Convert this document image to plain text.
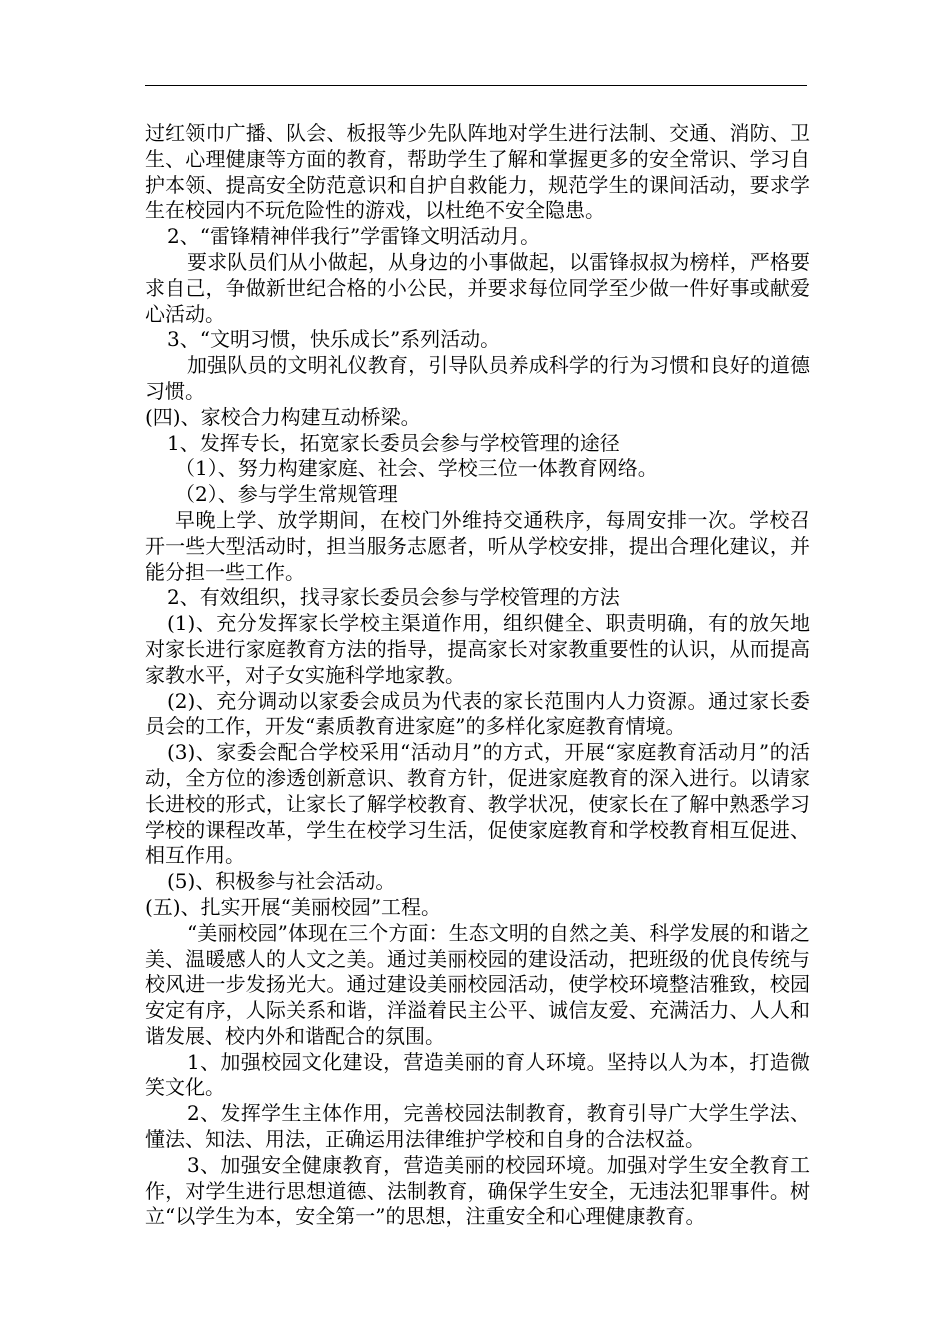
过红领巾广播、队会、板报等少先队阵地对学生进行法制、交通、消防、卫生、心理健康等方面的教育，帮助学生了解和掌握更多的安全常识、学习自护本领、提高安全防范意识和自护自救能力，规范学生的课间活动，要求学生在校园内不玩危险性的游戏，以杜绝不安全隐患。

2、“雷锋精神伴我行”学雷锋文明活动月。

要求队员们从小做起，从身边的小事做起，以雷锋叔叔为榜样，严格要求自己，争做新世纪合格的小公民，并要求每位同学至少做一件好事或献爱心活动。

3、“文明习惯，快乐成长”系列活动。

加强队员的文明礼仪教育，引导队员养成科学的行为习惯和良好的道德习惯。

(四)、家校合力构建互动桥梁。

1、发挥专长，拓宽家长委员会参与学校管理的途径

（1）、努力构建家庭、社会、学校三位一体教育网络。

（2）、参与学生常规管理

早晚上学、放学期间，在校门外维持交通秩序，每周安排一次。学校召开一些大型活动时，担当服务志愿者，听从学校安排，提出合理化建议，并能分担一些工作。

2、有效组织，找寻家长委员会参与学校管理的方法

(1)、充分发挥家长学校主渠道作用，组织健全、职责明确，有的放矢地对家长进行家庭教育方法的指导，提高家长对家教重要性的认识，从而提高家教水平，对子女实施科学地家教。

(2)、充分调动以家委会成员为代表的家长范围内人力资源。通过家长委员会的工作，开发“素质教育进家庭”的多样化家庭教育情境。

(3)、家委会配合学校采用“活动月”的方式，开展“家庭教育活动月”的活动，全方位的渗透创新意识、教育方针，促进家庭教育的深入进行。以请家长进校的形式，让家长了解学校教育、教学状况，使家长在了解中熟悉学习学校的课程改革，学生在校学习生活，促使家庭教育和学校教育相互促进、相互作用。

(5)、积极参与社会活动。

(五)、扎实开展“美丽校园”工程。

“美丽校园”体现在三个方面：生态文明的自然之美、科学发展的和谐之美、温暖感人的人文之美。通过美丽校园的建设活动，把班级的优良传统与校风进一步发扬光大。通过建设美丽校园活动，使学校环境整洁雅致，校园安定有序，人际关系和谐，洋溢着民主公平、诚信友爱、充满活力、人人和谐发展、校内外和谐配合的氛围。

1、加强校园文化建设，营造美丽的育人环境。坚持以人为本，打造微笑文化。

2、发挥学生主体作用，完善校园法制教育，教育引导广大学生学法、懂法、知法、用法，正确运用法律维护学校和自身的合法权益。

3、加强安全健康教育，营造美丽的校园环境。加强对学生安全教育工作，对学生进行思想道德、法制教育，确保学生安全，无违法犯罪事件。树立“以学生为本，安全第一”的思想，注重安全和心理健康教育。
